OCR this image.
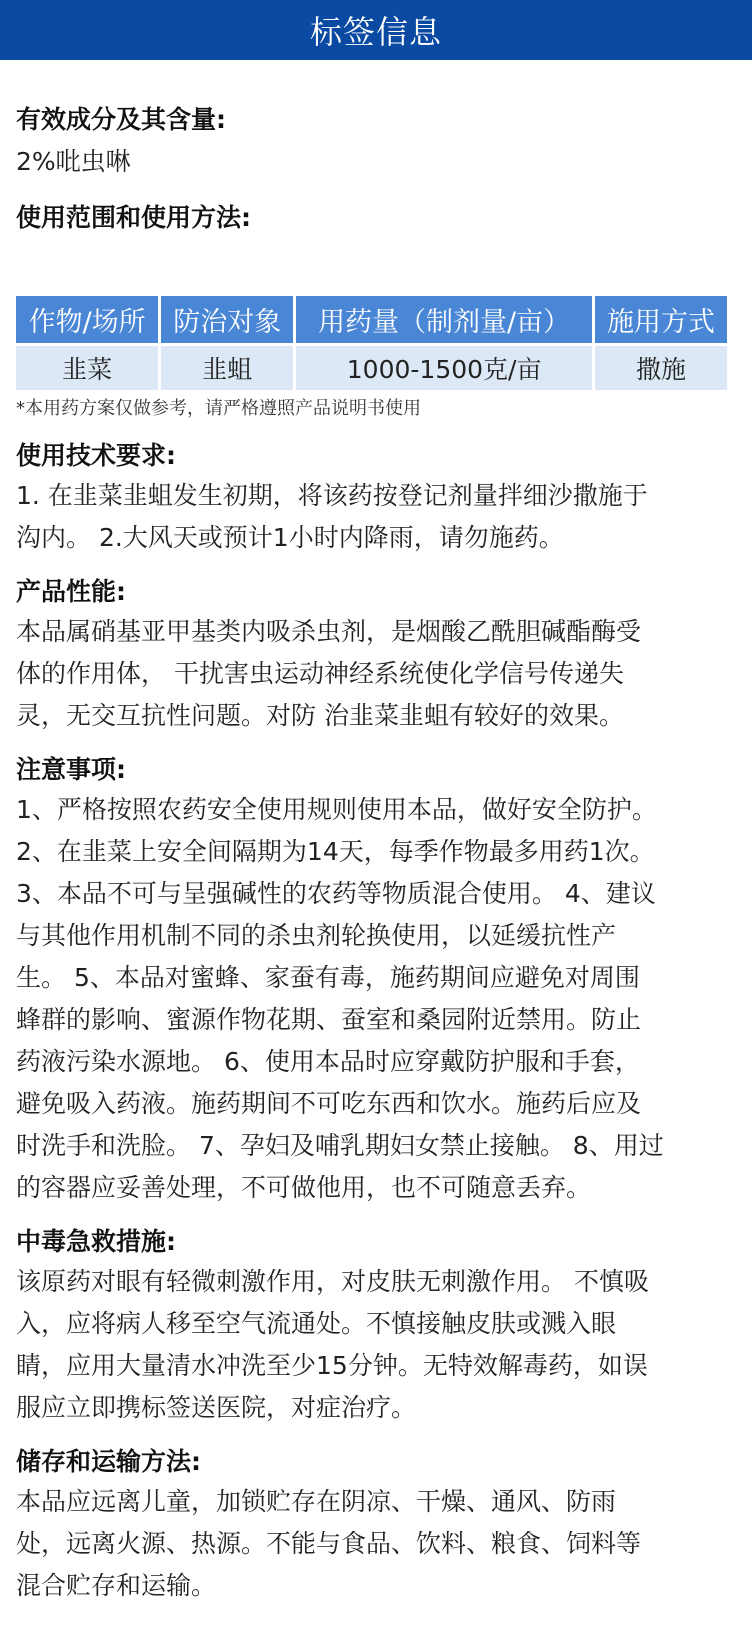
标签信息
有效成分及其含量:
2%吡虫啉
使用范围和使用方法:
作物/场所	防治对象	用药量（制剂量/亩）	施用方式
韭菜	韭蛆	1000-1500克/亩	撒施
*本用药方案仅做参考，请严格遵照产品说明书使用
使用技术要求:
1. 在韭菜韭蛆发生初期，将该药按登记剂量拌细沙撒施于
沟内。 2.大风天或预计1小时内降雨，请勿施药。
产品性能:
本品属硝基亚甲基类内吸杀虫剂，是烟酸乙酰胆碱酯酶受
体的作用体， 干扰害虫运动神经系统使化学信号传递失
灵，无交互抗性问题。对防 治韭菜韭蛆有较好的效果。
注意事项:
1、严格按照农药安全使用规则使用本品，做好安全防护。
2、在韭菜上安全间隔期为14天，每季作物最多用药1次。
3、本品不可与呈强碱性的农药等物质混合使用。 4、建议
与其他作用机制不同的杀虫剂轮换使用，以延缓抗性产
生。 5、本品对蜜蜂、家蚕有毒，施药期间应避免对周围
蜂群的影响、蜜源作物花期、蚕室和桑园附近禁用。防止
药液污染水源地。 6、使用本品时应穿戴防护服和手套，
避免吸入药液。施药期间不可吃东西和饮水。施药后应及
时洗手和洗脸。 7、孕妇及哺乳期妇女禁止接触。 8、用过
的容器应妥善处理，不可做他用，也不可随意丢弃。
中毒急救措施:
该原药对眼有轻微刺激作用，对皮肤无刺激作用。 不慎吸
入，应将病人移至空气流通处。不慎接触皮肤或溅入眼
睛，应用大量清水冲洗至少15分钟。无特效解毒药，如误
服应立即携标签送医院，对症治疗。
储存和运输方法:
本品应远离儿童，加锁贮存在阴凉、干燥、通风、防雨
处，远离火源、热源。不能与食品、饮料、粮食、饲料等
混合贮存和运输。
